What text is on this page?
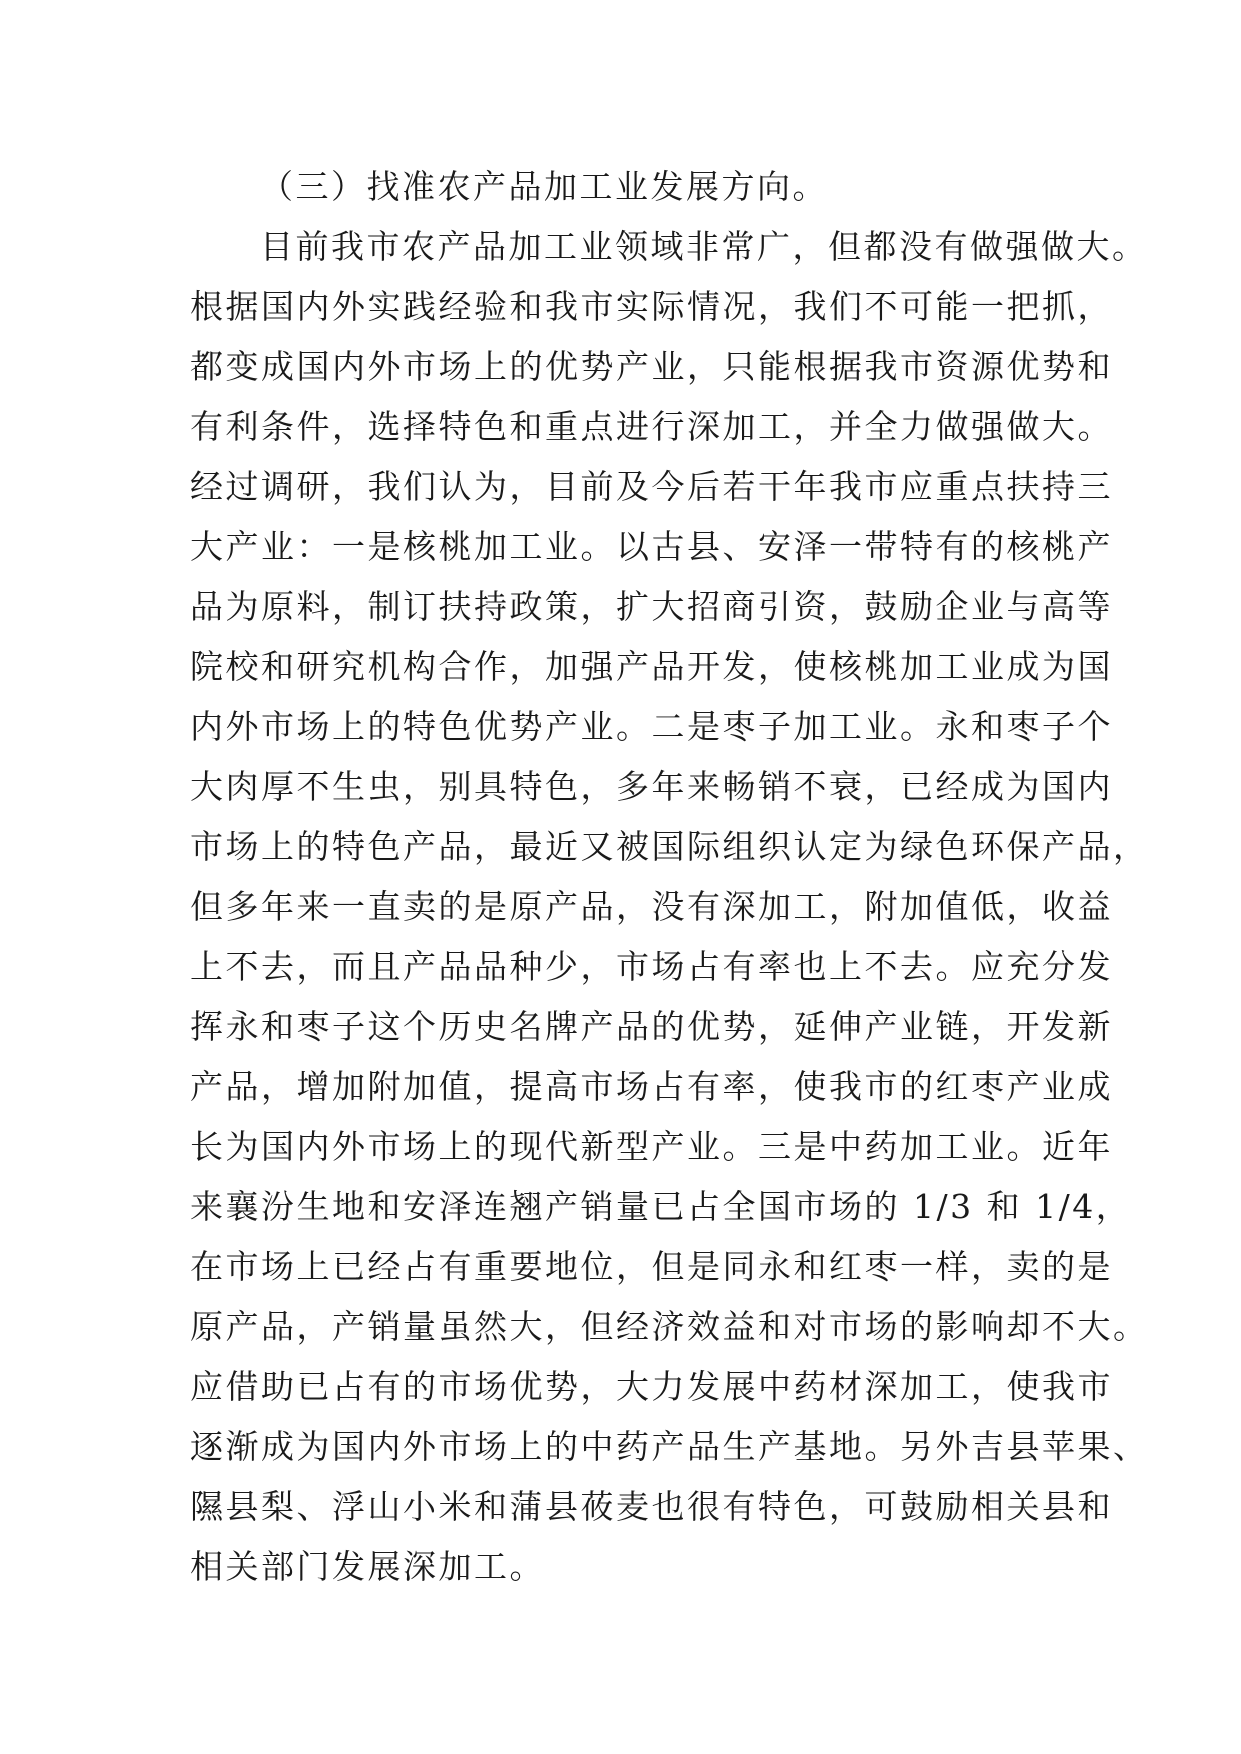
（三）找准农产品加工业发展方向。
目前我市农产品加工业领域非常广，但都没有做强做大。
根据国内外实践经验和我市实际情况，我们不可能一把抓，
都变成国内外市场上的优势产业，只能根据我市资源优势和
有利条件，选择特色和重点进行深加工，并全力做强做大。
经过调研，我们认为，目前及今后若干年我市应重点扶持三
大产业：一是核桃加工业。以古县、安泽一带特有的核桃产
品为原料，制订扶持政策，扩大招商引资，鼓励企业与高等
院校和研究机构合作，加强产品开发，使核桃加工业成为国
内外市场上的特色优势产业。二是枣子加工业。永和枣子个
大肉厚不生虫，别具特色，多年来畅销不衰，已经成为国内
市场上的特色产品，最近又被国际组织认定为绿色环保产品，
但多年来一直卖的是原产品，没有深加工，附加值低，收益
上不去，而且产品品种少，市场占有率也上不去。应充分发
挥永和枣子这个历史名牌产品的优势，延伸产业链，开发新
产品，增加附加值，提高市场占有率，使我市的红枣产业成
长为国内外市场上的现代新型产业。三是中药加工业。近年
来襄汾生地和安泽连翘产销量已占全国市场的 1/3 和 1/4，
在市场上已经占有重要地位，但是同永和红枣一样，卖的是
原产品，产销量虽然大，但经济效益和对市场的影响却不大。
应借助已占有的市场优势，大力发展中药材深加工，使我市
逐渐成为国内外市场上的中药产品生产基地。另外吉县苹果、
隰县梨、浮山小米和蒲县莜麦也很有特色，可鼓励相关县和
相关部门发展深加工。
